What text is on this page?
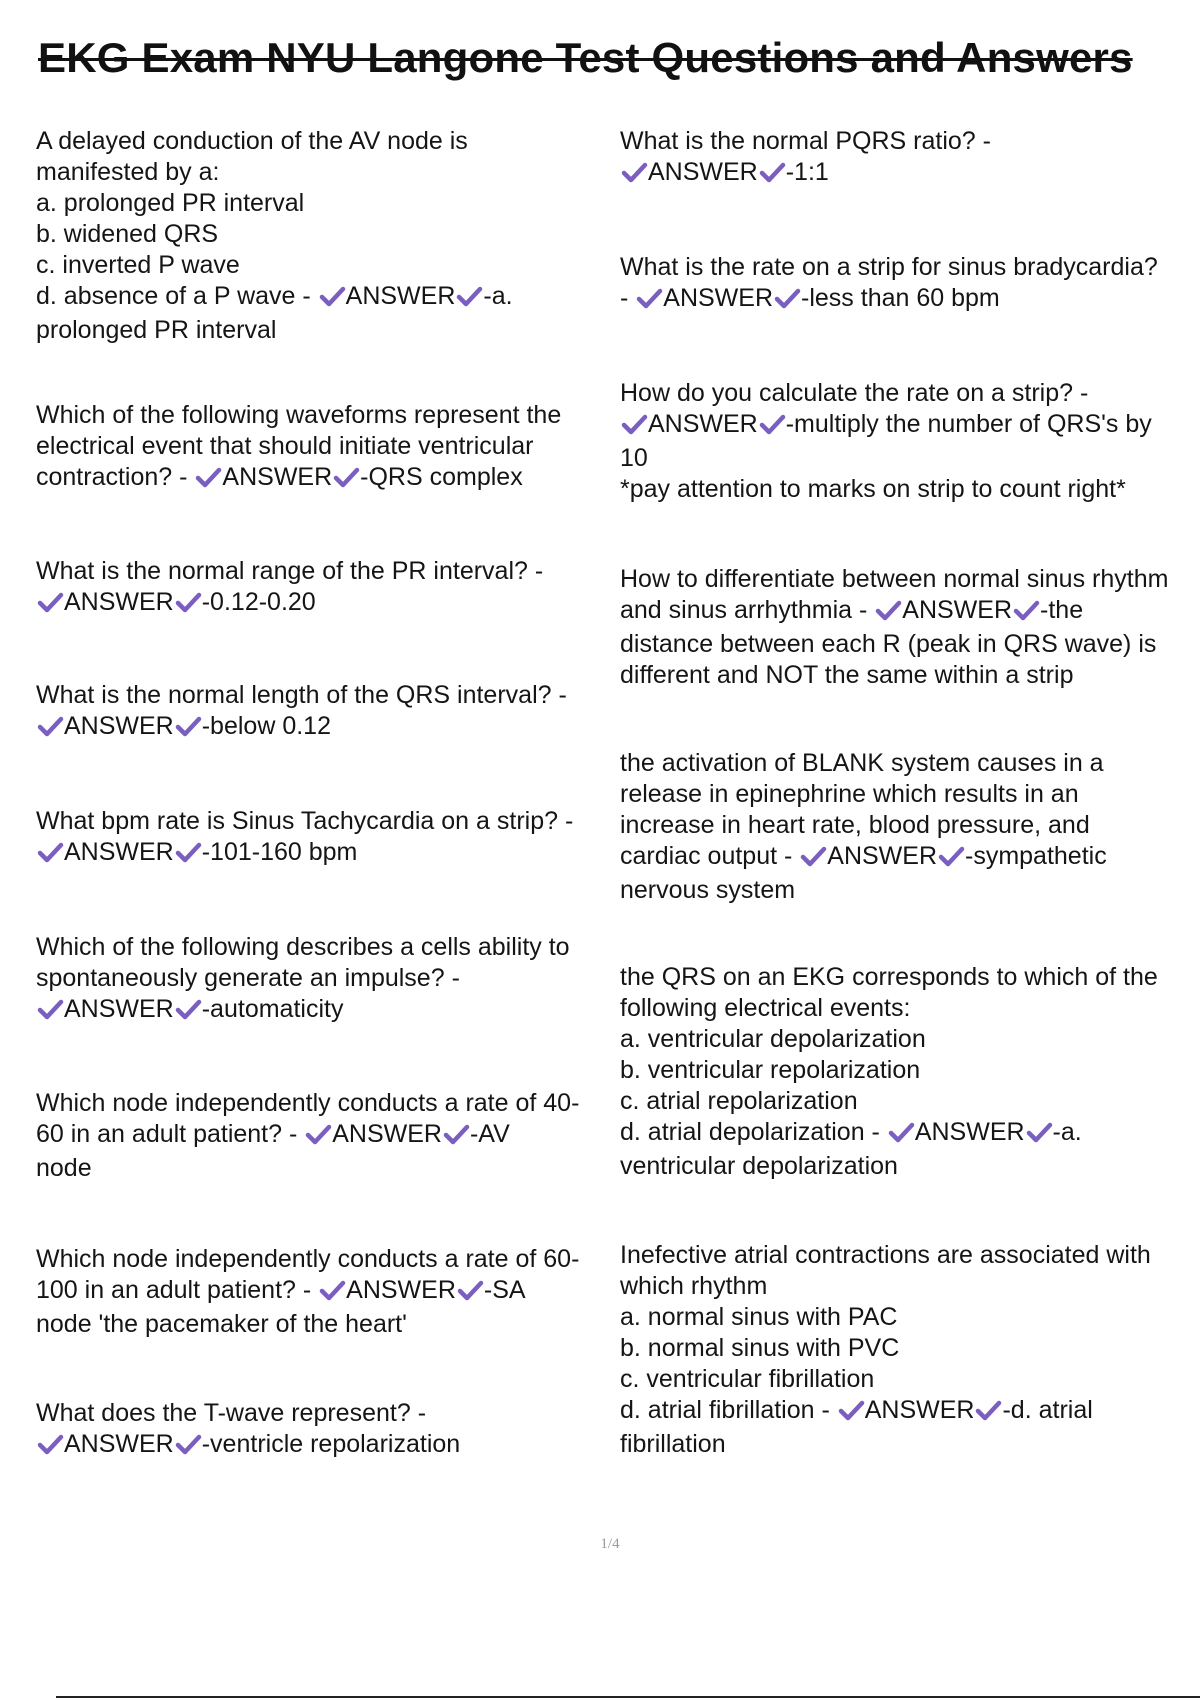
EKG Exam NYU Langone Test Questions and Answers
A delayed conduction of the AV node is
manifested by a:
a. prolonged PR interval
b. widened QRS
c. inverted P wave
d. absence of a P wave - ANSWER -a.
prolonged PR interval
Which of the following waveforms represent the
electrical event that should initiate ventricular
contraction? - ANSWER -QRS complex
What is the normal range of the PR interval? -
ANSWER -0.12-0.20
What is the normal length of the QRS interval? -
ANSWER -below 0.12
What bpm rate is Sinus Tachycardia on a strip? -
ANSWER -101-160 bpm
Which of the following describes a cells ability to
spontaneously generate an impulse? -
ANSWER -automaticity
Which node independently conducts a rate of 40-
60 in an adult patient? - ANSWER -AV
node
Which node independently conducts a rate of 60-
100 in an adult patient? - ANSWER -SA
node 'the pacemaker of the heart'
What does the T-wave represent? -
ANSWER -ventricle repolarization
What is the normal PQRS ratio? -
ANSWER -1:1
What is the rate on a strip for sinus bradycardia?
- ANSWER -less than 60 bpm
How do you calculate the rate on a strip? -
ANSWER -multiply the number of QRS's by
10
*pay attention to marks on strip to count right*
How to differentiate between normal sinus rhythm
and sinus arrhythmia - ANSWER -the
distance between each R (peak in QRS wave) is
different and NOT the same within a strip
the activation of BLANK system causes in a
release in epinephrine which results in an
increase in heart rate, blood pressure, and
cardiac output - ANSWER -sympathetic
nervous system
the QRS on an EKG corresponds to which of the
following electrical events:
a. ventricular depolarization
b. ventricular repolarization
c. atrial repolarization
d. atrial depolarization - ANSWER -a.
ventricular depolarization
Inefective atrial contractions are associated with
which rhythm
a. normal sinus with PAC
b. normal sinus with PVC
c. ventricular fibrillation
d. atrial fibrillation - ANSWER -d. atrial
fibrillation
1/4
